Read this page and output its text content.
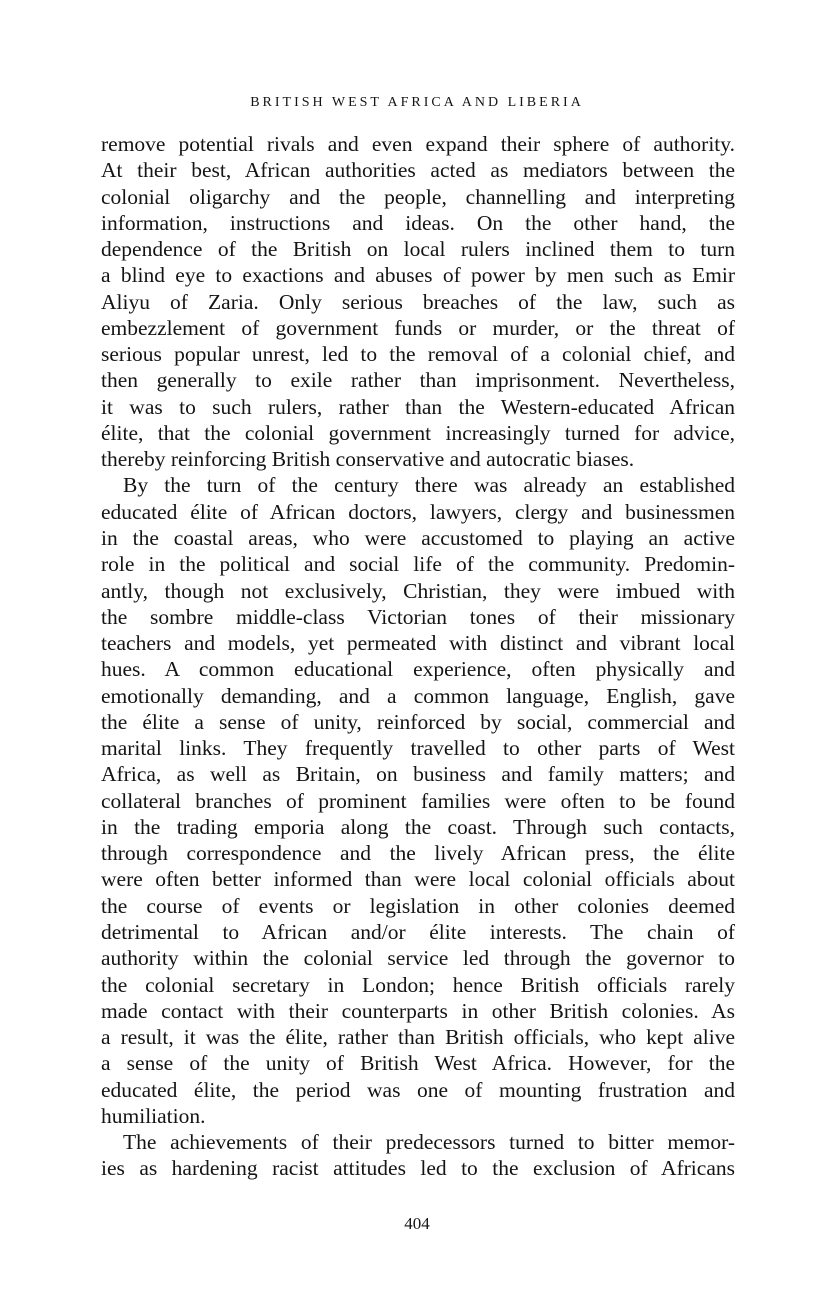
BRITISH WEST AFRICA AND LIBERIA
remove potential rivals and even expand their sphere of authority.
At their best, African authorities acted as mediators between the
colonial oligarchy and the people, channelling and interpreting
information, instructions and ideas. On the other hand, the
dependence of the British on local rulers inclined them to turn
a blind eye to exactions and abuses of power by men such as Emir
Aliyu of Zaria. Only serious breaches of the law, such as
embezzlement of government funds or murder, or the threat of
serious popular unrest, led to the removal of a colonial chief, and
then generally to exile rather than imprisonment. Nevertheless,
it was to such rulers, rather than the Western-educated African
élite, that the colonial government increasingly turned for advice,
thereby reinforcing British conservative and autocratic biases.
By the turn of the century there was already an established
educated élite of African doctors, lawyers, clergy and businessmen
in the coastal areas, who were accustomed to playing an active
role in the political and social life of the community. Predomin-
antly, though not exclusively, Christian, they were imbued with
the sombre middle-class Victorian tones of their missionary
teachers and models, yet permeated with distinct and vibrant local
hues. A common educational experience, often physically and
emotionally demanding, and a common language, English, gave
the élite a sense of unity, reinforced by social, commercial and
marital links. They frequently travelled to other parts of West
Africa, as well as Britain, on business and family matters; and
collateral branches of prominent families were often to be found
in the trading emporia along the coast. Through such contacts,
through correspondence and the lively African press, the élite
were often better informed than were local colonial officials about
the course of events or legislation in other colonies deemed
detrimental to African and/or élite interests. The chain of
authority within the colonial service led through the governor to
the colonial secretary in London; hence British officials rarely
made contact with their counterparts in other British colonies. As
a result, it was the élite, rather than British officials, who kept alive
a sense of the unity of British West Africa. However, for the
educated élite, the period was one of mounting frustration and
humiliation.
The achievements of their predecessors turned to bitter memor-
ies as hardening racist attitudes led to the exclusion of Africans
404
